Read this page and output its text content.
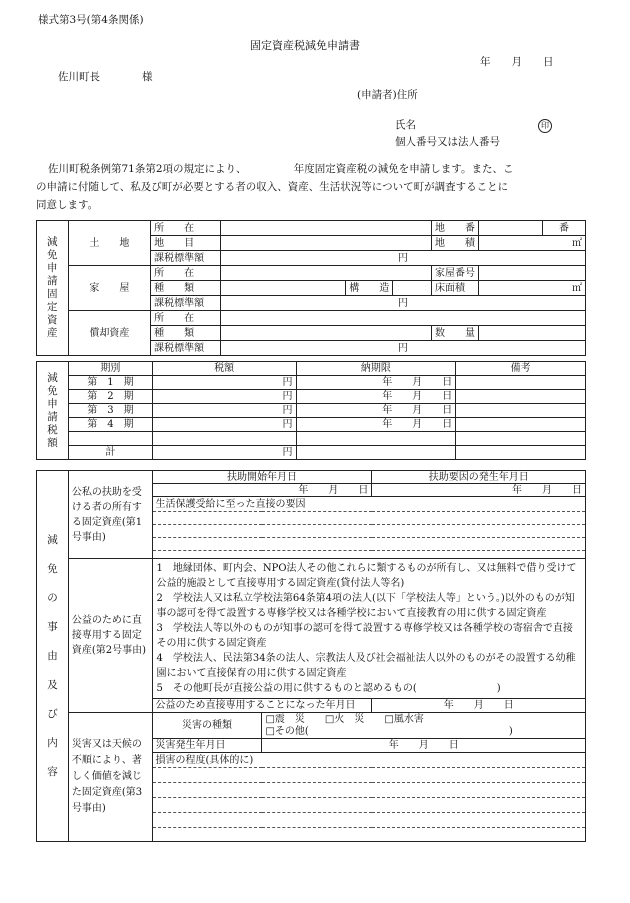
様式第3号(第4条関係)
固定資産税減免申請書
年　　月　　日
佐川町長　　　　様
(申請者)住所
氏名	印
個人番号又は法人番号
佐川町税条例第71条第2項の規定により、　　　　　年度固定資産税の減免を申請します。また、こ
の申請に付随して、私及び町が必要とする者の収入、資産、生活状況等について町が調査することに
同意します。
減免申請固定資産	土　　地	所　　在				地　　番		番
		地　　目				地　　積	㎡	
		課税標準額	円					
	家　　屋	所　　在				家屋番号		
		種　　類		構　　造		床面積	㎡	
		課税標準額	円					
	償却資産	所　　在						
		種　　類				数　　量		
		課税標準額	円					
減免申請税額	期別	税額	納期限	備考
	第　1　期	円	年　　月　　日	
	第　2　期	円	年　　月　　日	
	第　3　期	円	年　　月　　日	
	第　4　期	円	年　　月　　日	

	計	円		
減免の事由及び内容	公私の扶助を受ける者の所有する固定資産(第1号事由)	扶助開始年月日		扶助要因の発生年月日
		年　　月　　日		年　　月　　日
		生活保護受給に至った直接の要因		

	公益のために直接専用する固定資産(第2号事由)	1　地縁団体、町内会、NPO法人その他これらに類するものが所有し、又は無料で借り受けて公益的施設として直接専用する固定資産(貸付法人等名)
2　学校法人又は私立学校法第64条第4項の法人(以下「学校法人等」という。)以外のものが知事の認可を得て設置する専修学校又は各種学校において直接教育の用に供する固定資産
3　学校法人等以外のものが知事の認可を得て設置する専修学校又は各種学校の寄宿舎で直接その用に供する固定資産
4　学校法人、民法第34条の法人、宗教法人及び社会福祉法人以外のものがその設置する幼稚園において直接保育の用に供する固定資産
5　その他町長が直接公益の用に供するものと認めるもの(　　　　　　　　)		

		公益のため直接専用することになった年月日		年　　月　　日

	災害又は天候の不順により、著しく価値を減じた固定資産(第3号事由)	災害の種類	□震　災　　□火　災　　□風水害
□その他(　　　　　　　　　　　　　　　　　　　　)	

		災害発生年月日	年　　月　　日	
		損害の程度(具体的に)		
